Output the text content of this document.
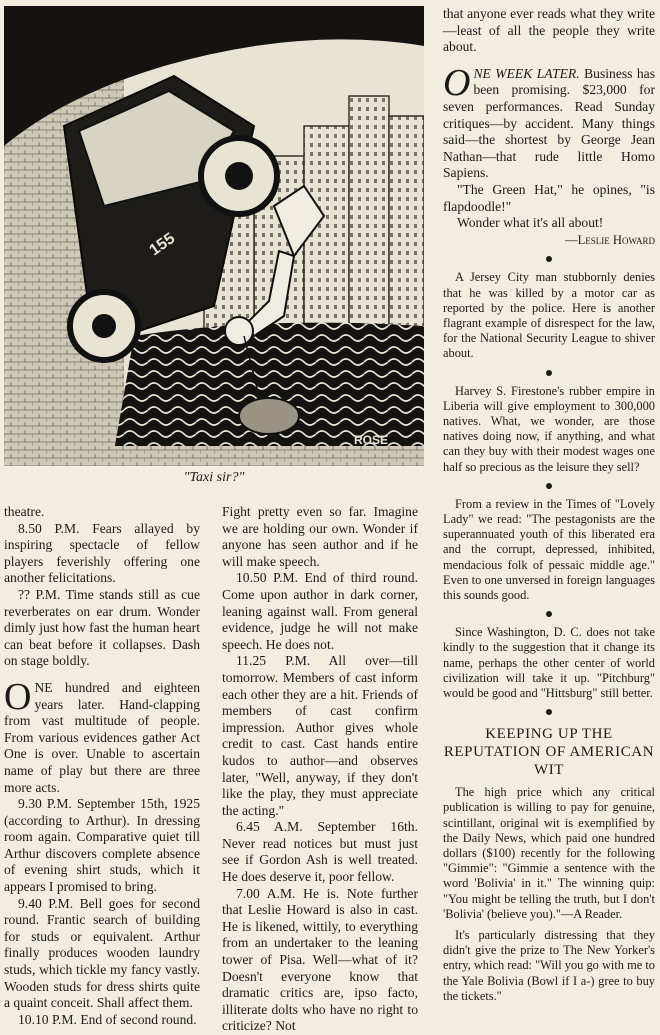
155
ROSE
"Taxi sir?"

theatre.

8.50 P.M. Fears allayed by inspiring spectacle of fellow players feverishly offering one another felicitations.

?? P.M. Time stands still as cue reverberates on ear drum. Wonder dimly just how fast the human heart can beat before it collapses. Dash on stage boldly.

ONE hundred and eighteen years later. Hand-clapping from vast multitude of people. From various evidences gather Act One is over. Unable to ascertain name of play but there are three more acts.

9.30 P.M. September 15th, 1925 (according to Arthur). In dressing room again. Comparative quiet till Arthur discovers complete absence of evening shirt studs, which it appears I promised to bring.

9.40 P.M. Bell goes for second round. Frantic search of building for studs or equivalent. Arthur finally produces wooden laundry studs, which tickle my fancy vastly. Wooden studs for dress shirts quite a quaint conceit. Shall affect them.

10.10 P.M. End of second round.

Fight pretty even so far. Imagine we are holding our own. Wonder if anyone has seen author and if he will make speech.

10.50 P.M. End of third round. Come upon author in dark corner, leaning against wall. From general evidence, judge he will not make speech. He does not.

11.25 P.M. All over—till tomorrow. Members of cast inform each other they are a hit. Friends of members of cast confirm impression. Author gives whole credit to cast. Cast hands entire kudos to author—and observes later, "Well, anyway, if they don't like the play, they must appreciate the acting."

6.45 A.M. September 16th. Never read notices but must just see if Gordon Ash is well treated. He does deserve it, poor fellow.

7.00 A.M. He is. Note further that Leslie Howard is also in cast. He is likened, wittily, to everything from an undertaker to the leaning tower of Pisa. Well—what of it? Doesn't everyone know that dramatic critics are, ipso facto, illiterate dolts who have no right to criticize? Not

that anyone ever reads what they write —least of all the people they write about.

ONE WEEK LATER. Business has been promising. $23,000 for seven performances. Read Sunday critiques—by accident. Many things said—the shortest by George Jean Nathan—that rude little Homo Sapiens.

"The Green Hat," he opines, "is flapdoodle!"

Wonder what it's all about!

—Leslie Howard

A Jersey City man stubbornly denies that he was killed by a motor car as reported by the police. Here is another flagrant example of disrespect for the law, for the National Security League to shiver about.

Harvey S. Firestone's rubber empire in Liberia will give employment to 300,000 natives. What, we wonder, are those natives doing now, if anything, and what can they buy with their modest wages one half so precious as the leisure they sell?

From a review in the Times of "Lovely Lady" we read: "The pestagonists are the superannuated youth of this liberated era and the corrupt, depressed, inhibited, mendacious folk of pessaic middle age." Even to one unversed in foreign languages this sounds good.

Since Washington, D. C. does not take kindly to the suggestion that it change its name, perhaps the other center of world civilization will take it up. "Pitchburg" would be good and "Hittsburg" still better.

KEEPING UP THE REPUTATION OF AMERICAN WIT

The high price which any critical publication is willing to pay for genuine, scintillant, original wit is exemplified by the Daily News, which paid one hundred dollars ($100) recently for the following "Gimmie": "Gimmie a sentence with the word 'Bolivia' in it." The winning quip: "You might be telling the truth, but I don't 'Bolivia' (believe you)."—A Reader.

It's particularly distressing that they didn't give the prize to The New Yorker's entry, which read: "Will you go with me to the Yale Bolivia (Bowl if I a-) gree to buy the tickets."
